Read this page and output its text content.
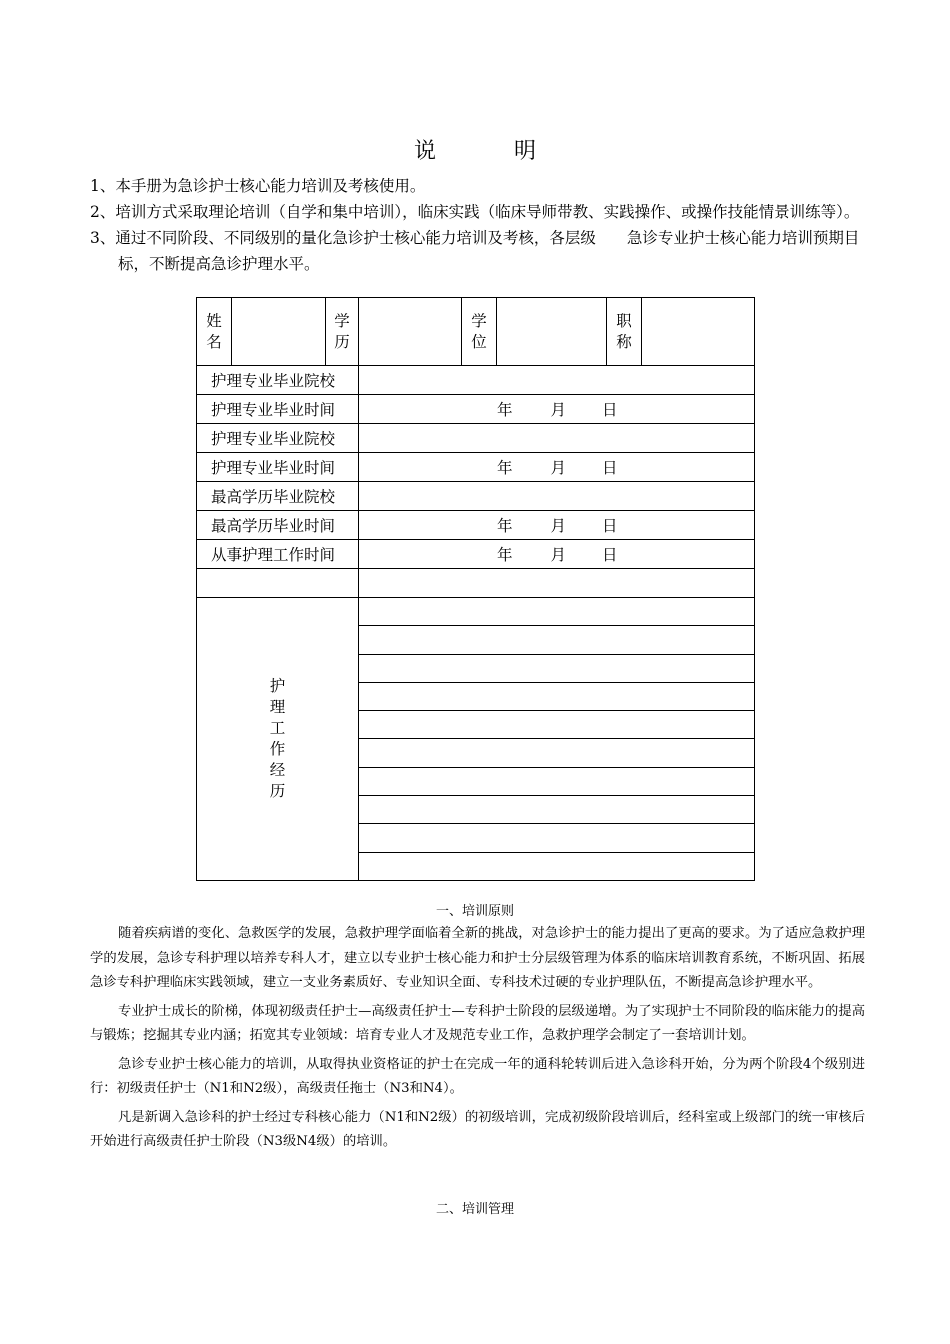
说　明

1、本手册为急诊护士核心能力培训及考核使用。

2、培训方式采取理论培训（自学和集中培训），临床实践（临床导师带教、实践操作、或操作技能情景训练等）。

3、通过不同阶段、不同级别的量化急诊护士核心能力培训及考核，各层级　　急诊专业护士核心能力培训预期目标，不断提高急诊护理水平。

姓名		学历		学位		职称	

护理专业毕业院校							
护理专业毕业时间			年 月 日				

护理专业毕业院校							
护理专业毕业时间			年 月 日				

最高学历毕业院校							
最高学历毕业时间			年 月 日				

从事护理工作时间			年 月 日				

护理工作经历							

一、培训原则

随着疾病谱的变化、急救医学的发展，急救护理学面临着全新的挑战，对急诊护士的能力提出了更高的要求。为了适应急救护理学的发展，急诊专科护理以培养专科人才，建立以专业护士核心能力和护士分层级管理为体系的临床培训教育系统，不断巩固、拓展急诊专科护理临床实践领域，建立一支业务素质好、专业知识全面、专科技术过硬的专业护理队伍，不断提高急诊护理水平。

专业护士成长的阶梯，体现初级责任护士—高级责任护士—专科护士阶段的层级递增。为了实现护士不同阶段的临床能力的提高与锻炼；挖掘其专业内涵；拓宽其专业领域：培育专业人才及规范专业工作，急救护理学会制定了一套培训计划。

急诊专业护士核心能力的培训，从取得执业资格证的护士在完成一年的通科轮转训后进入急诊科开始，分为两个阶段4个级别进行：初级责任护士（N1和N2级），高级责任拖士（N3和N4）。

凡是新调入急诊科的护士经过专科核心能力（N1和N2级）的初级培训，完成初级阶段培训后，经科室或上级部门的统一审核后开始进行高级责任护士阶段（N3级N4级）的培训。

二、培训管理
